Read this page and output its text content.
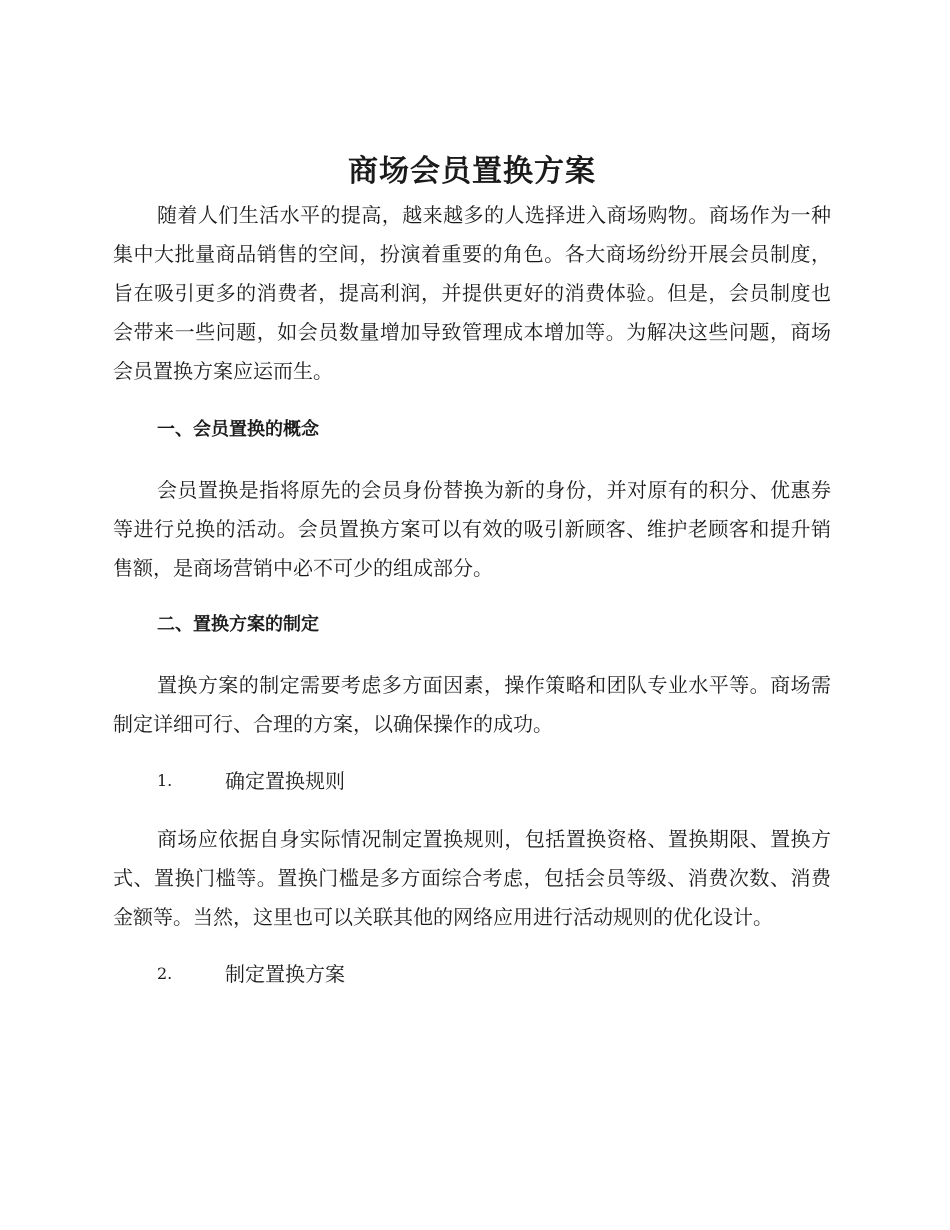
商场会员置换方案

随着人们生活水平的提高，越来越多的人选择进入商场购物。商场作为一种集中大批量商品销售的空间，扮演着重要的角色。各大商场纷纷开展会员制度，旨在吸引更多的消费者，提高利润，并提供更好的消费体验。但是，会员制度也会带来一些问题，如会员数量增加导致管理成本增加等。为解决这些问题，商场会员置换方案应运而生。

一、会员置换的概念

会员置换是指将原先的会员身份替换为新的身份，并对原有的积分、优惠券等进行兑换的活动。会员置换方案可以有效的吸引新顾客、维护老顾客和提升销售额，是商场营销中必不可少的组成部分。

二、置换方案的制定

置换方案的制定需要考虑多方面因素，操作策略和团队专业水平等。商场需制定详细可行、合理的方案，以确保操作的成功。

1.	确定置换规则

商场应依据自身实际情况制定置换规则，包括置换资格、置换期限、置换方式、置换门槛等。置换门槛是多方面综合考虑，包括会员等级、消费次数、消费金额等。当然，这里也可以关联其他的网络应用进行活动规则的优化设计。

2.	制定置换方案
